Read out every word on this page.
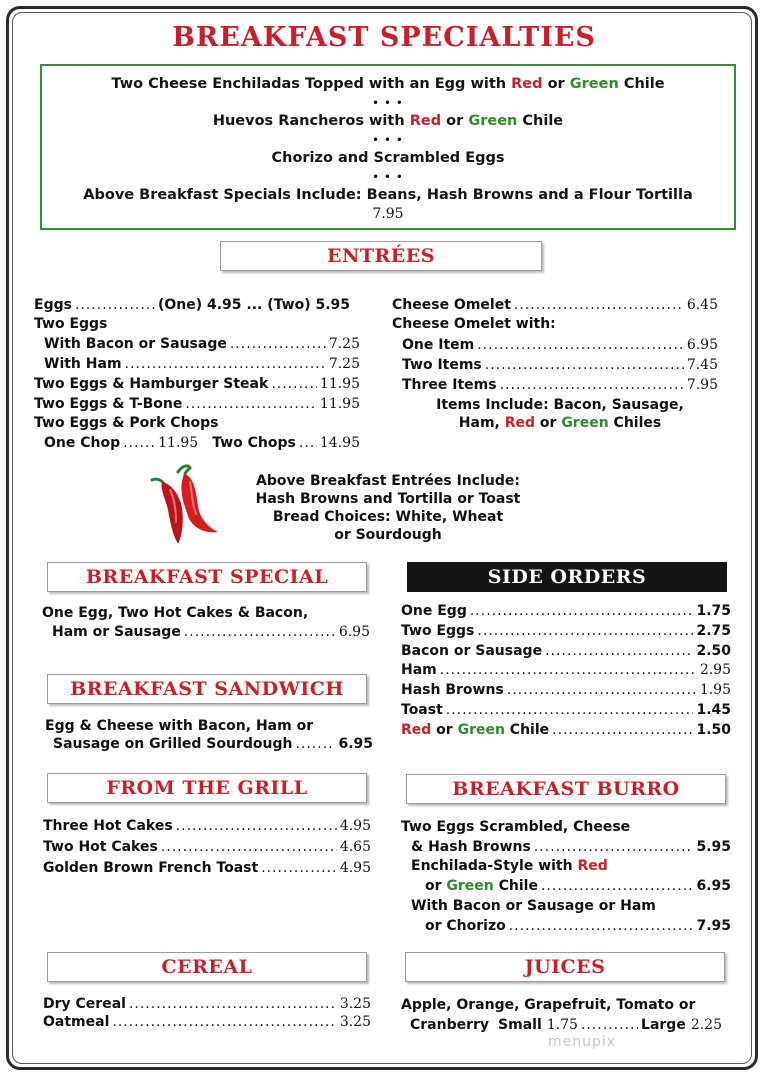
BREAKFAST SPECIALTIES
Two Cheese Enchiladas Topped with an Egg with Red or Green Chile
• • •
Huevos Rancheros with Red or Green Chile
• • •
Chorizo and Scrambled Eggs
• • •
Above Breakfast Specials Include: Beans, Hash Browns and a Flour Tortilla
7.95
ENTRÉES
Eggs .....	(One) 4.95 ... (Two) 5.95
Two Eggs
With Bacon or Sausage .....	7.25
With Ham .....	7.25
Two Eggs & Hamburger Steak .....	11.95
Two Eggs & T-Bone .....	11.95
Two Eggs & Pork Chops
One Chop .....	11.95 Two Chops ..... 14.95
Cheese Omelet .....	6.45
Cheese Omelet with:
One Item .....	6.95
Two Items .....	7.45
Three Items .....	7.95
Items Include: Bacon, Sausage,
Ham, Red or Green Chiles
Above Breakfast Entrées Include:
Hash Browns and Tortilla or Toast
Bread Choices: White, Wheat
or Sourdough
BREAKFAST SPECIAL
One Egg, Two Hot Cakes & Bacon,
Ham or Sausage .....	6.95
SIDE ORDERS
One Egg .....	1.75
Two Eggs .....	2.75
Bacon or Sausage .....	2.50
Ham .....	2.95
Hash Browns .....	1.95
Toast .....	1.45
Red or Green Chile .....	1.50
BREAKFAST SANDWICH
Egg & Cheese with Bacon, Ham or
Sausage on Grilled Sourdough .....	6.95
FROM THE GRILL
Three Hot Cakes .....	4.95
Two Hot Cakes .....	4.65
Golden Brown French Toast .....	4.95
BREAKFAST BURRO
Two Eggs Scrambled, Cheese
& Hash Browns .....	5.95
Enchilada-Style with Red
or Green Chile .....	6.95
With Bacon or Sausage or Ham
or Chorizo .....	7.95
CEREAL
Dry Cereal .....	3.25
Oatmeal .....	3.25
JUICES
Apple, Orange, Grapefruit, Tomato or
Cranberry Small 1.75 .....	Large 2.25
menupix
